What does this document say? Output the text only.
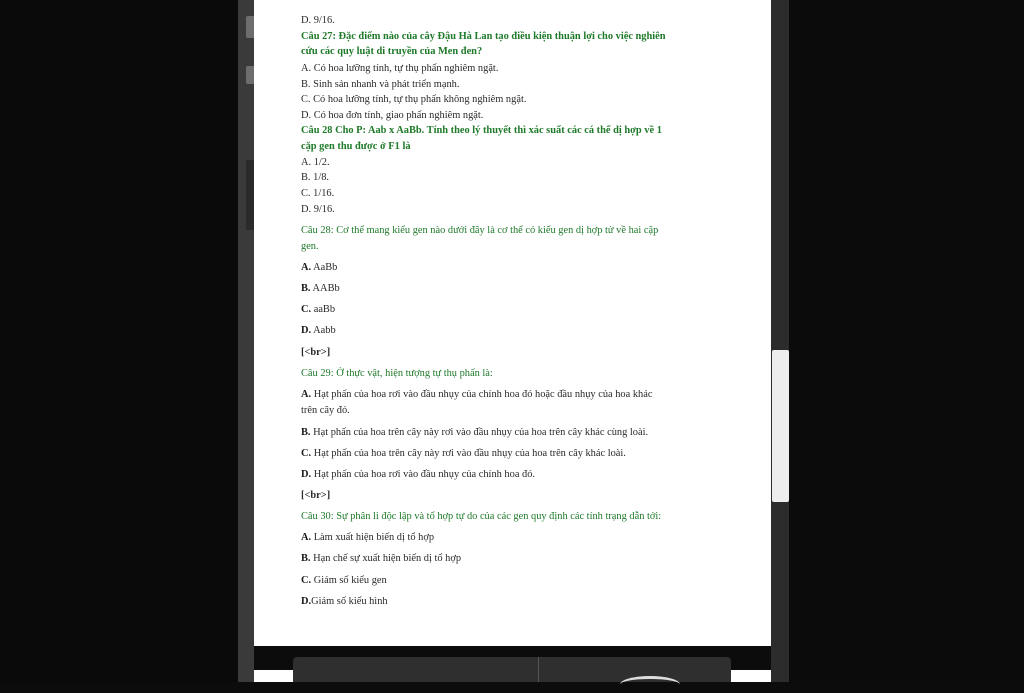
D. 9/16.
Câu 27: Đặc điểm nào của cây Đậu Hà Lan tạo điều kiện thuận lợi cho việc nghiên
cứu các quy luật di truyền của Men đen?
A. Có hoa lưỡng tính, tự thụ phấn nghiêm ngặt.
B. Sinh sản nhanh và phát triển mạnh.
C. Có hoa lưỡng tính, tự thụ phấn không nghiêm ngặt.
D. Có hoa đơn tính, giao phấn nghiêm ngặt.
Câu 28 Cho P: Aab x AaBb. Tính theo lý thuyết thì xác suất các cá thể dị hợp về 1
cặp gen thu được ở F1 là
A. 1/2.
B. 1/8.
C. 1/16.
D. 9/16.
Câu 28: Cơ thể mang kiểu gen nào dưới đây là cơ thể có kiểu gen dị hợp tử về hai cặp
gen.
A. AaBb
B. AABb
C. aaBb
D. Aabb
[<br>]
Câu 29: Ở thực vật, hiện tượng tự thụ phấn là:
A. Hạt phấn của hoa rơi vào đầu nhụy của chính hoa đó hoặc đầu nhụy của hoa khác
trên cây đó.
B. Hạt phấn của hoa trên cây này rơi vào đầu nhụy của hoa trên cây khác cùng loài.
C. Hạt phấn của hoa trên cây này rơi vào đầu nhụy của hoa trên cây khác loài.
D. Hạt phấn của hoa rơi vào đầu nhụy của chính hoa đó.
[<br>]
Câu 30: Sự phân li độc lập và tổ hợp tự do của các gen quy định các tính trạng dẫn tới:
A. Làm xuất hiện biến dị tổ hợp
B. Hạn chế sự xuất hiện biến dị tổ hợp
C. Giảm số kiểu gen
D.Giảm số kiểu hình
